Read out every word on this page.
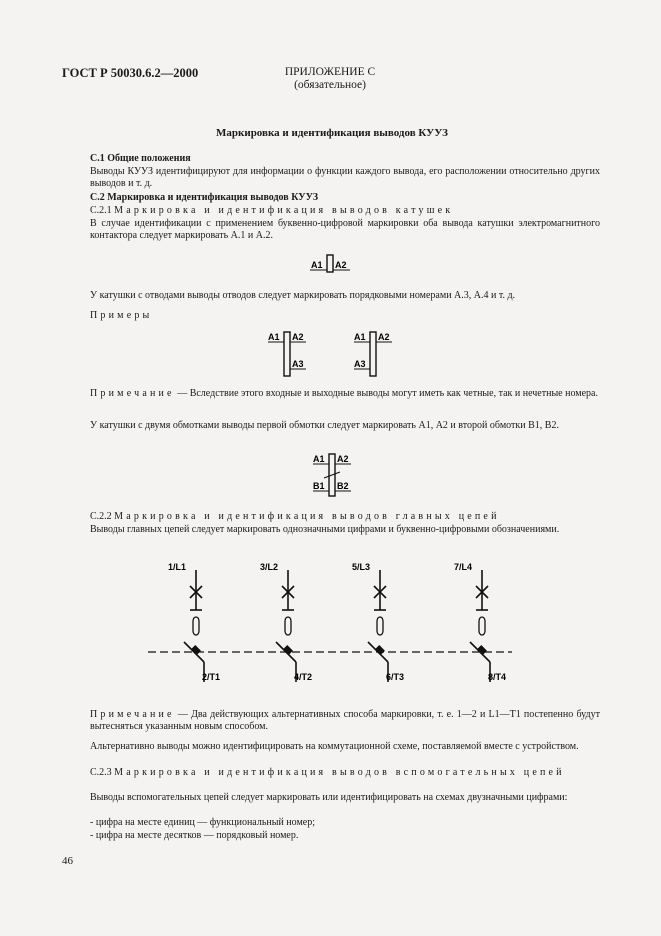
ГОСТ Р 50030.6.2—2000	ПРИЛОЖЕНИЕ С
(обязательное)
Маркировка и идентификация выводов КУУЗ
С.1 Общие положения
Выводы КУУЗ идентифицируют для информации о функции каждого вывода, его расположении относительно других выводов и т. д.
С.2 Маркировка и идентификация выводов КУУЗ
С.2.1 Маркировка и идентификация выводов катушек
В случае идентификации с применением буквенно-цифровой маркировки оба вывода катушки электромагнитного контактора следует маркировать А.1 и А.2.
A1 A2
У катушки с отводами выводы отводов следует маркировать порядковыми номерами А.3, А.4 и т. д.
Примеры
A1 A2
A3
A1 A2
A3
Примечание — Вследствие этого входные и выходные выводы могут иметь как четные, так и нечетные номера.
У катушки с двумя обмотками выводы первой обмотки следует маркировать А1, А2 и второй обмотки В1, В2.
A1 A2
B1 B2
С.2.2 Маркировка и идентификация выводов главных цепей
Выводы главных цепей следует маркировать однозначными цифрами и буквенно-цифровыми обозначениями.
1/L1
2/T1
3/L2
4/T2
5/L3
6/T3
7/L4
8/T4
Примечание — Два действующих альтернативных способа маркировки, т. е. 1—2 и L1—T1 постепенно будут вытесняться указанным новым способом.
Альтернативно выводы можно идентифицировать на коммутационной схеме, поставляемой вместе с устройством.
С.2.3 Маркировка и идентификация выводов вспомогательных цепей
Выводы вспомогательных цепей следует маркировать или идентифицировать на схемах двузначными цифрами:
- цифра на месте единиц — функциональный номер;
- цифра на месте десятков — порядковый номер.
46
